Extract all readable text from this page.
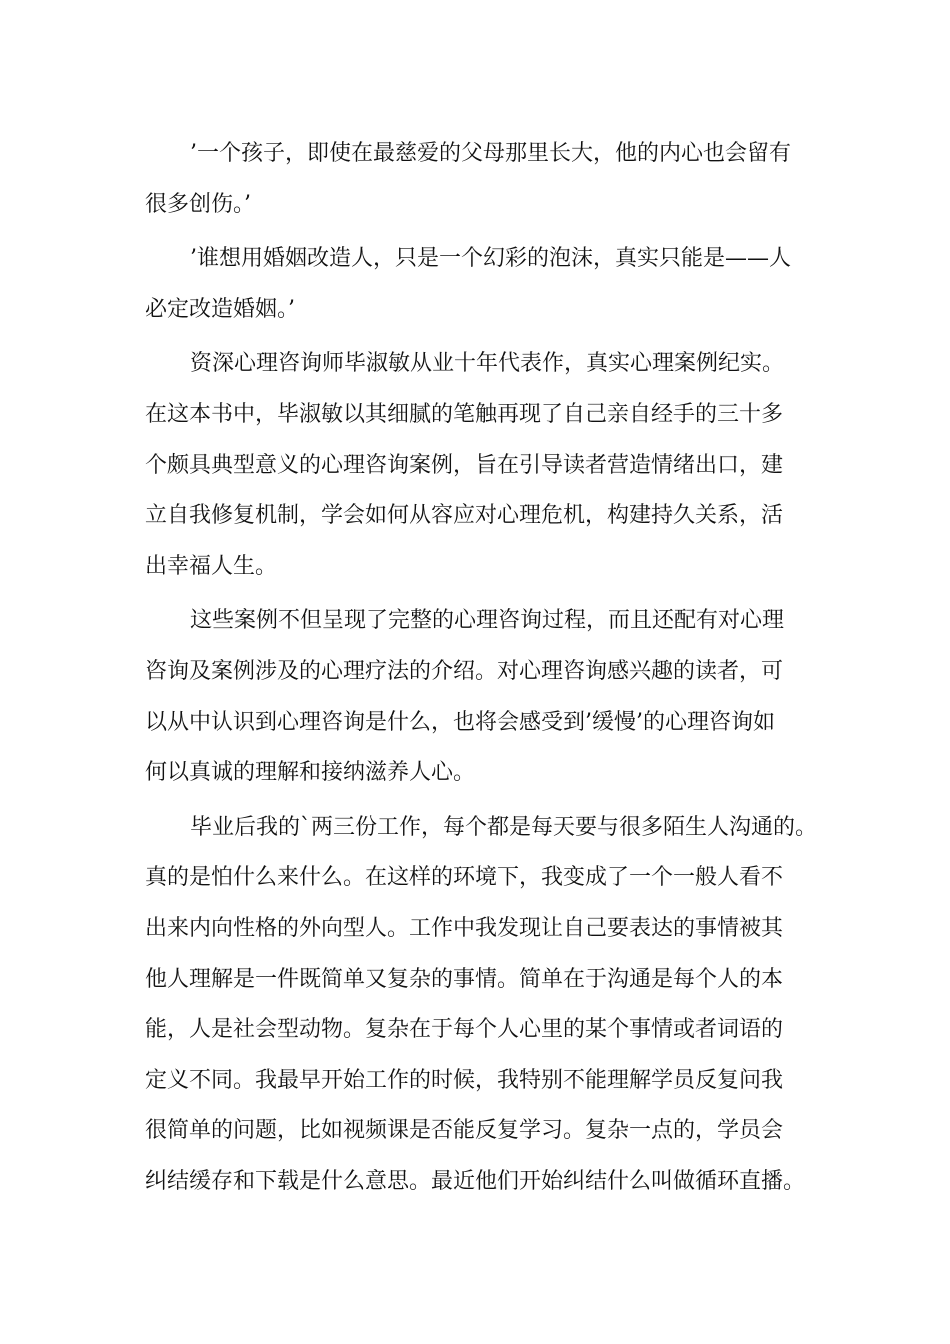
’一个孩子，即使在最慈爱的父母那里长大，他的内心也会留有
很多创伤。’
’谁想用婚姻改造人，只是一个幻彩的泡沫，真实只能是——人
必定改造婚姻。’
资深心理咨询师毕淑敏从业十年代表作，真实心理案例纪实。
在这本书中，毕淑敏以其细腻的笔触再现了自己亲自经手的三十多
个颇具典型意义的心理咨询案例，旨在引导读者营造情绪出口，建
立自我修复机制，学会如何从容应对心理危机，构建持久关系，活
出幸福人生。
这些案例不但呈现了完整的心理咨询过程，而且还配有对心理
咨询及案例涉及的心理疗法的介绍。对心理咨询感兴趣的读者，可
以从中认识到心理咨询是什么，也将会感受到’缓慢’的心理咨询如
何以真诚的理解和接纳滋养人心。
毕业后我的`两三份工作，每个都是每天要与很多陌生人沟通的。
真的是怕什么来什么。在这样的环境下，我变成了一个一般人看不
出来内向性格的外向型人。工作中我发现让自己要表达的事情被其
他人理解是一件既简单又复杂的事情。简单在于沟通是每个人的本
能，人是社会型动物。复杂在于每个人心里的某个事情或者词语的
定义不同。我最早开始工作的时候，我特别不能理解学员反复问我
很简单的问题，比如视频课是否能反复学习。复杂一点的，学员会
纠结缓存和下载是什么意思。最近他们开始纠结什么叫做循环直播。
